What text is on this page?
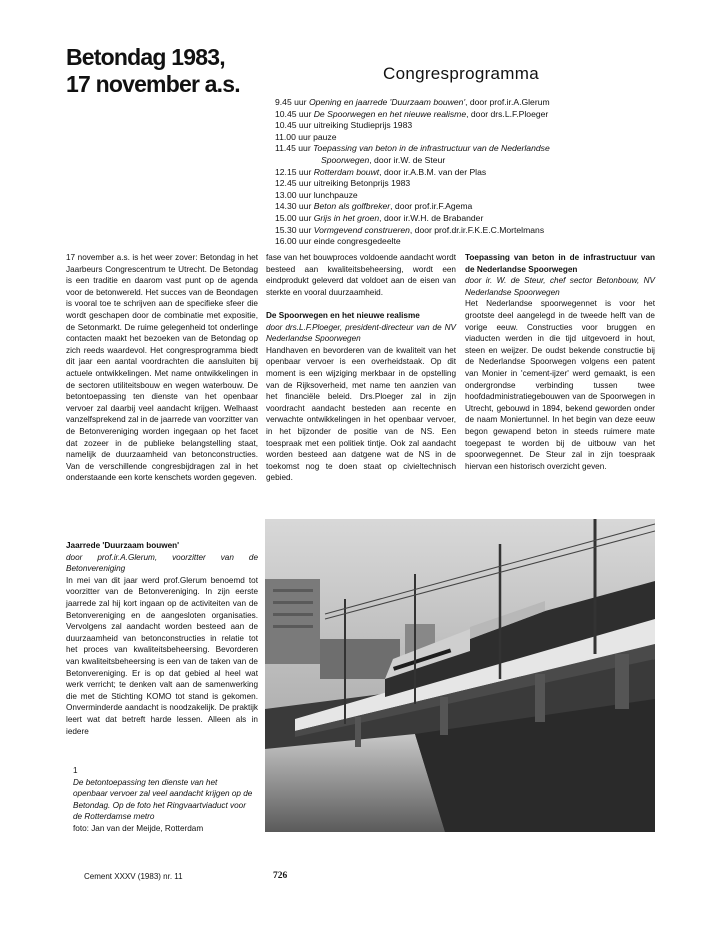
Betondag 1983,
17 november a.s.	Congresprogramma
9.45 uur Opening en jaarrede 'Duurzaam bouwen', door prof.ir.A.Glerum
10.45 uur De Spoorwegen en het nieuwe realisme, door drs.L.F.Ploeger
10.45 uur uitreiking Studieprijs 1983
11.00 uur pauze
11.45 uur Toepassing van beton in de infrastructuur van de Nederlandse
Spoorwegen, door ir.W. de Steur
12.15 uur Rotterdam bouwt, door ir.A.B.M. van der Plas
12.45 uur uitreiking Betonprijs 1983
13.00 uur lunchpauze
14.30 uur Beton als golfbreker, door prof.ir.F.Agema
15.00 uur Grijs in het groen, door ir.W.H. de Brabander
15.30 uur Vormgevend construeren, door prof.dr.ir.F.K.E.C.Mortelmans
16.00 uur einde congresgedeelte

17 november a.s. is het weer zover: Betondag in het Jaarbeurs Congrescentrum te Utrecht. De Betondag is een traditie en daarom vast punt op de agenda voor de betonwereld. Het succes van de Beondagen is vooral toe te schrijven aan de specifieke sfeer die wordt geschapen door de combinatie met expositie, de Setonmarkt. De ruime gelegenheid tot onderlinge contacten maakt het bezoeken van de Betondag op zich reeds waardevol. Het congresprogramma biedt dit jaar een aantal voordrachten die aansluiten bij actuele ontwikkelingen. Met name ontwikkelingen in de sectoren utiliteitsbouw en wegen waterbouw. De betontoepassing ten dienste van het openbaar vervoer zal daarbij veel aandacht krijgen. Welhaast vanzelfsprekend zal in de jaarrede van voorzitter van de Betonvereniging worden ingegaan op het facet dat zozeer in de publieke belangstelling staat, namelijk de duurzaamheid van betonconstructies. Van de verschillende congresbijdragen zal in het onderstaande een korte kenschets worden gegeven.

Jaarrede 'Duurzaam bouwen'

door prof.ir.A.Glerum, voorzitter van de Betonvereniging

In mei van dit jaar werd prof.Glerum benoemd tot voorzitter van de Betonvereniging. In zijn eerste jaarrede zal hij kort ingaan op de activiteiten van de Betonvereniging en de aangesloten organisaties. Vervolgens zal aandacht worden besteed aan de duurzaamheid van betonconstructies in relatie tot het proces van kwaliteitsbeheersing. Bevorderen van kwaliteitsbeheersing is een van de taken van de Betonvereniging. Er is op dat gebied al heel wat werk verricht; te denken valt aan de samenwerking die met de Stichting KOMO tot stand is gekomen. Onverminderde aandacht is noodzakelijk. De praktijk leert wat dat betreft harde lessen. Alleen als in iedere

fase van het bouwproces voldoende aandacht wordt besteed aan kwaliteitsbeheersing, wordt een eindprodukt geleverd dat voldoet aan de eisen van sterkte en vooral duurzaamheid.

De Spoorwegen en het nieuwe realisme

door drs.L.F.Ploeger, president-directeur van de NV Nederlandse Spoorwegen

Handhaven en bevorderen van de kwaliteit van het openbaar vervoer is een overheidstaak. Op dit moment is een wijziging merkbaar in de opstelling van de Rijksoverheid, met name ten aanzien van het financiële beleid. Drs.Ploeger zal in zijn voordracht aandacht besteden aan recente en verwachte ontwikkelingen in het openbaar vervoer, in het bijzonder de positie van de NS. Een toespraak met een politiek tintje. Ook zal aandacht worden besteed aan datgene wat de NS in de toekomst nog te doen staat op civieltechnisch gebied.

Toepassing van beton in de infrastructuur van de Nederlandse Spoorwegen

door ir. W. de Steur, chef sector Betonbouw, NV Nederlandse Spoorwegen

Het Nederlandse spoorwegennet is voor het grootste deel aangelegd in de tweede helft van de vorige eeuw. Constructies voor bruggen en viaducten werden in die tijd uitgevoerd in hout, steen en weijzer. De oudst bekende constructie bij de Nederlandse Spoorwegen volgens een patent van Monier in 'cement-ijzer' werd gemaakt, is een ondergrondse verbinding tussen twee hoofdadministratiegebouwen van de Spoorwegen in Utrecht, gebouwd in 1894, bekend geworden onder de naam Moniertunnel. In het begin van deze eeuw begon gewapend beton in steeds ruimere mate toegepast te worden bij de uitbouw van het spoorwegennet. De Steur zal in zijn toespraak hiervan een historisch overzicht geven.

1
De betontoepassing ten dienste van het openbaar vervoer zal veel aandacht krijgen op de Betondag. Op de foto het Ringvaartviaduct voor de Rotterdamse metro
foto: Jan van der Meijde, Rotterdam
Cement XXXV (1983) nr. 11	726
